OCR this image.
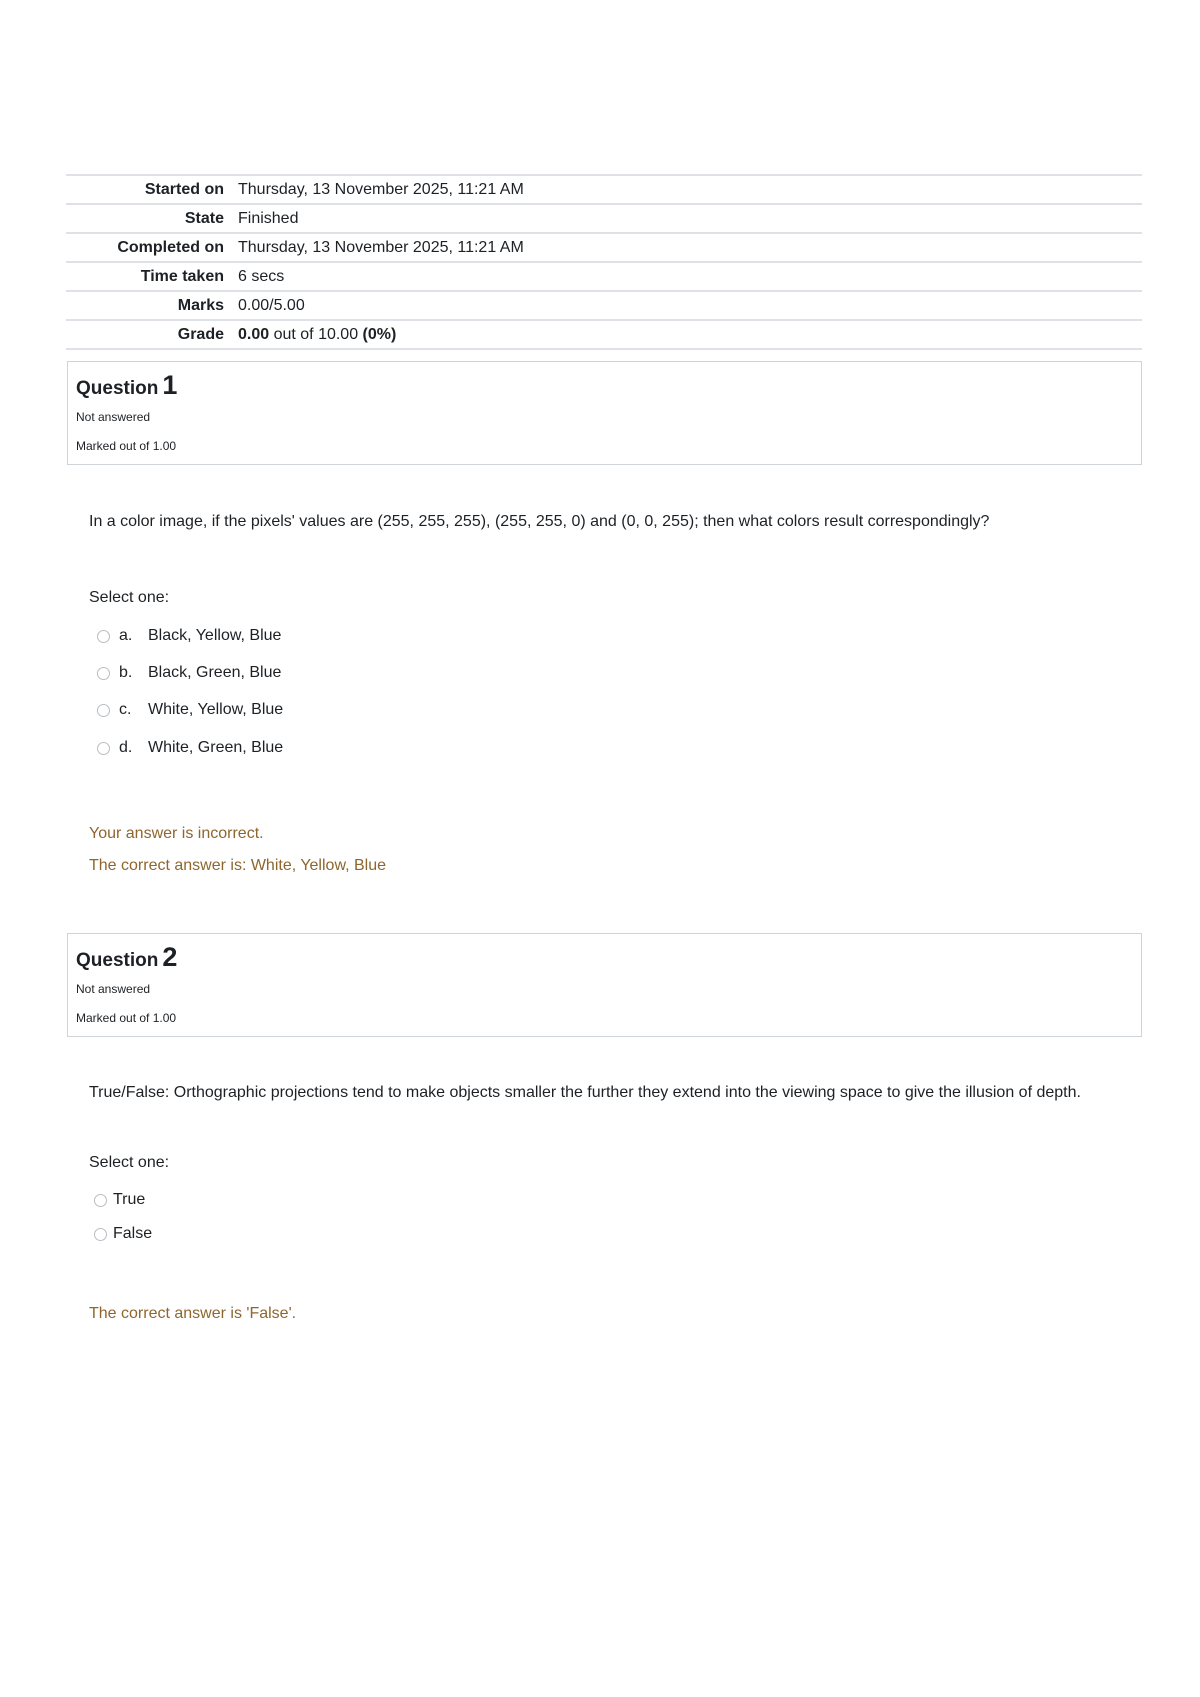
Started on	Thursday, 13 November 2025, 11:21 AM
State	Finished
Completed on	Thursday, 13 November 2025, 11:21 AM
Time taken	6 secs
Marks	0.00/5.00
Grade	0.00 out of 10.00 (0%)
Question 1
Not answered
Marked out of 1.00
In a color image, if the pixels' values are (255, 255, 255), (255, 255, 0) and (0, 0, 255); then what colors result correspondingly?
Select one:
a. Black, Yellow, Blue
b. Black, Green, Blue
c.	White, Yellow, Blue
d. White, Green, Blue
Your answer is incorrect.
The correct answer is: White, Yellow, Blue
Question 2
Not answered
Marked out of 1.00
True/False: Orthographic projections tend to make objects smaller the further they extend into the viewing space to give the illusion of depth.
Select one:
True
False
The correct answer is 'False'.
